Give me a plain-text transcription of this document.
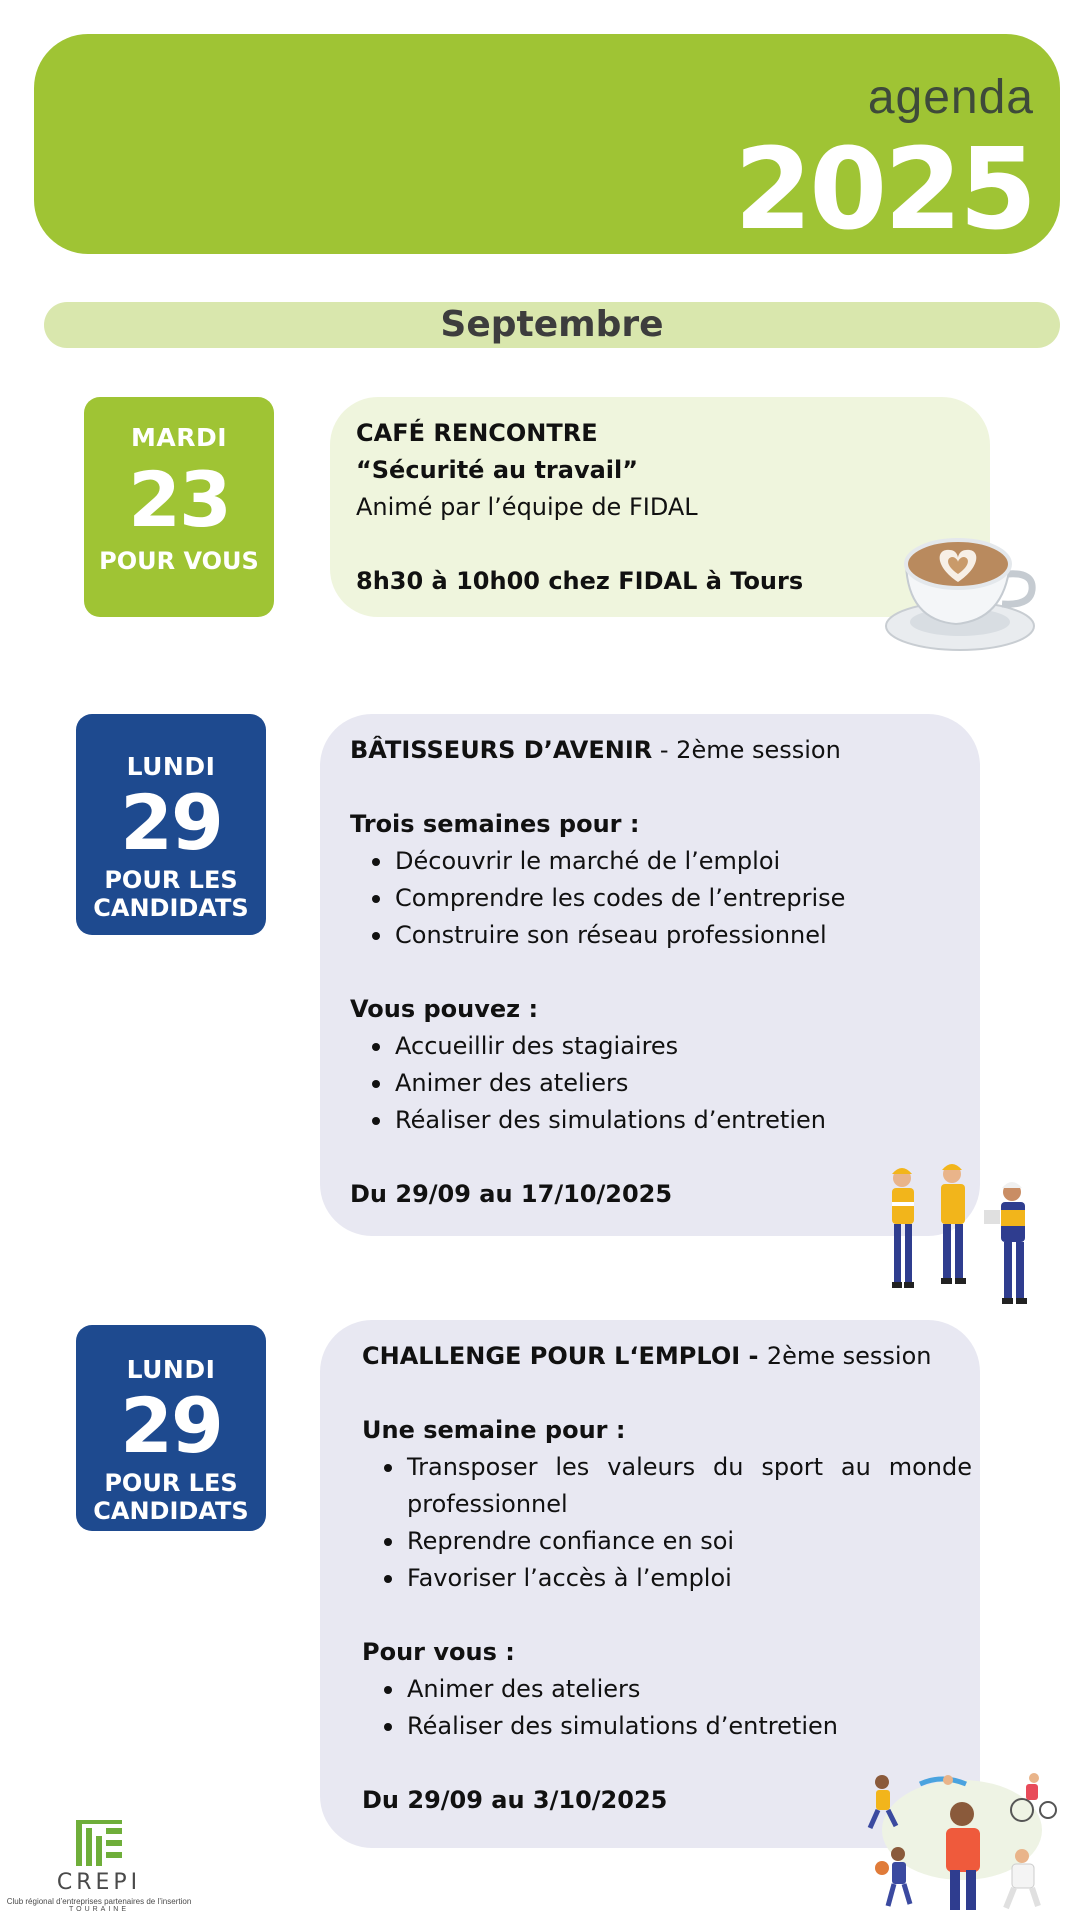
agenda
2025
Septembre
MARDI
23
POUR VOUS
CAFÉ RENCONTRE
“Sécurité au travail”
Animé par l’équipe de FIDAL
8h30 à 10h00 chez FIDAL à Tours
LUNDI
29
POUR LES
CANDIDATS
BÂTISSEURS D’AVENIR - 2ème session
Trois semaines pour :
Découvrir le marché de l’emploi
Comprendre les codes de l’entreprise
Construire son réseau professionnel
Vous pouvez :
Accueillir des stagiaires
Animer des ateliers
Réaliser des simulations d’entretien
Du 29/09 au 17/10/2025
LUNDI
29
POUR LES
CANDIDATS
CHALLENGE POUR L‘EMPLOI - 2ème session
Une semaine pour :
Transposer les valeurs du sport au monde professionnel
Reprendre confiance en soi
Favoriser l’accès à l’emploi
Pour vous :
Animer des ateliers
Réaliser des simulations d’entretien
Du 29/09 au 3/10/2025
CREPI
Club régional d’entreprises partenaires de l’insertion
TOURAINE
